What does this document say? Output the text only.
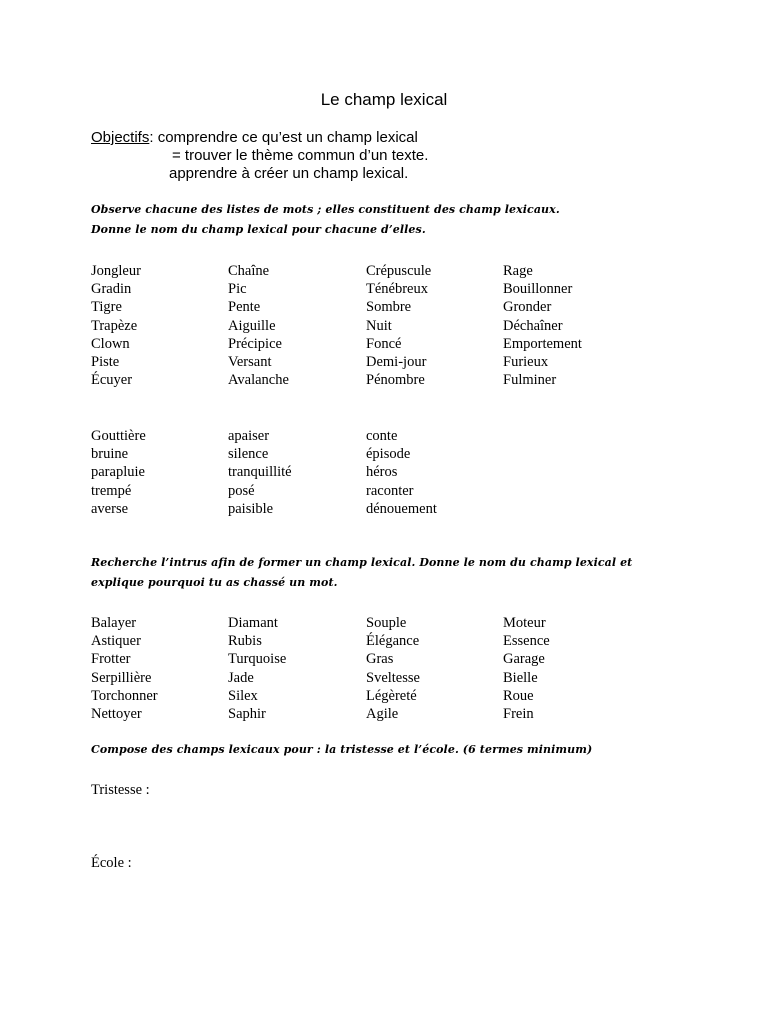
Le champ lexical
Objectifs: comprendre ce qu’est un champ lexical
= trouver le thème commun d’un texte.
apprendre à créer un champ lexical.
Observe chacune des listes de mots ; elles constituent des champ lexicaux.
Donne le nom du champ lexical pour chacune d’elles.
Jongleur
Gradin
Tigre
Trapèze
Clown
Piste
Écuyer
Chaîne
Pic
Pente
Aiguille
Précipice
Versant
Avalanche
Crépuscule
Ténébreux
Sombre
Nuit
Foncé
Demi-jour
Pénombre
Rage
Bouillonner
Gronder
Déchaîner
Emportement
Furieux
Fulminer
Gouttière
bruine
parapluie
trempé
averse
apaiser
silence
tranquillité
posé
paisible
conte
épisode
héros
raconter
dénouement
Recherche l’intrus afin de former un champ lexical. Donne le nom du champ lexical et
explique pourquoi tu as chassé un mot.
Balayer
Astiquer
Frotter
Serpillière
Torchonner
Nettoyer
Diamant
Rubis
Turquoise
Jade
Silex
Saphir
Souple
Élégance
Gras
Sveltesse
Légèreté
Agile
Moteur
Essence
Garage
Bielle
Roue
Frein
Compose des champs lexicaux pour : la tristesse et l’école. (6 termes minimum)
Tristesse :
École :
